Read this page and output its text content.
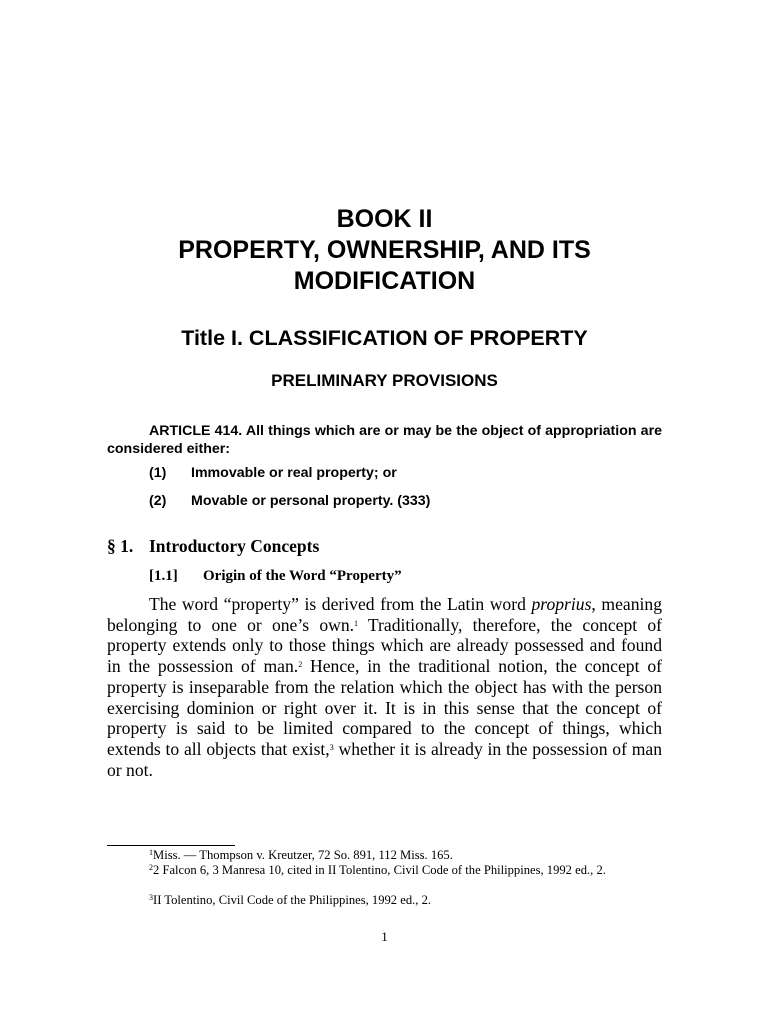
BOOK II
PROPERTY, OWNERSHIP, AND ITS
MODIFICATION
Title I. CLASSIFICATION OF PROPERTY
PRELIMINARY PROVISIONS
ARTICLE 414. All things which are or may be the object of appropriation are considered either:
(1) Immovable or real property; or
(2) Movable or personal property. (333)
§ 1. Introductory Concepts
[1.1] Origin of the Word “Property”
The word “property” is derived from the Latin word proprius, meaning belonging to one or one’s own.$^1$ Traditionally, therefore, the concept of property extends only to those things which are already possessed and found in the possession of man.$^2$ Hence, in the traditional notion, the concept of property is inseparable from the relation which the object has with the person exercising dominion or right over it. It is in this sense that the concept of property is said to be limited compared to the concept of things, which extends to all objects that exist,$^3$ whether it is already in the possession of man or not.
$^1$Miss. — Thompson v. Kreutzer, 72 So. 891, 112 Miss. 165.
$^2$2 Falcon 6, 3 Manresa 10, cited in II Tolentino, Civil Code of the Philippines, 1992 ed., 2.
$^3$II Tolentino, Civil Code of the Philippines, 1992 ed., 2.
1
